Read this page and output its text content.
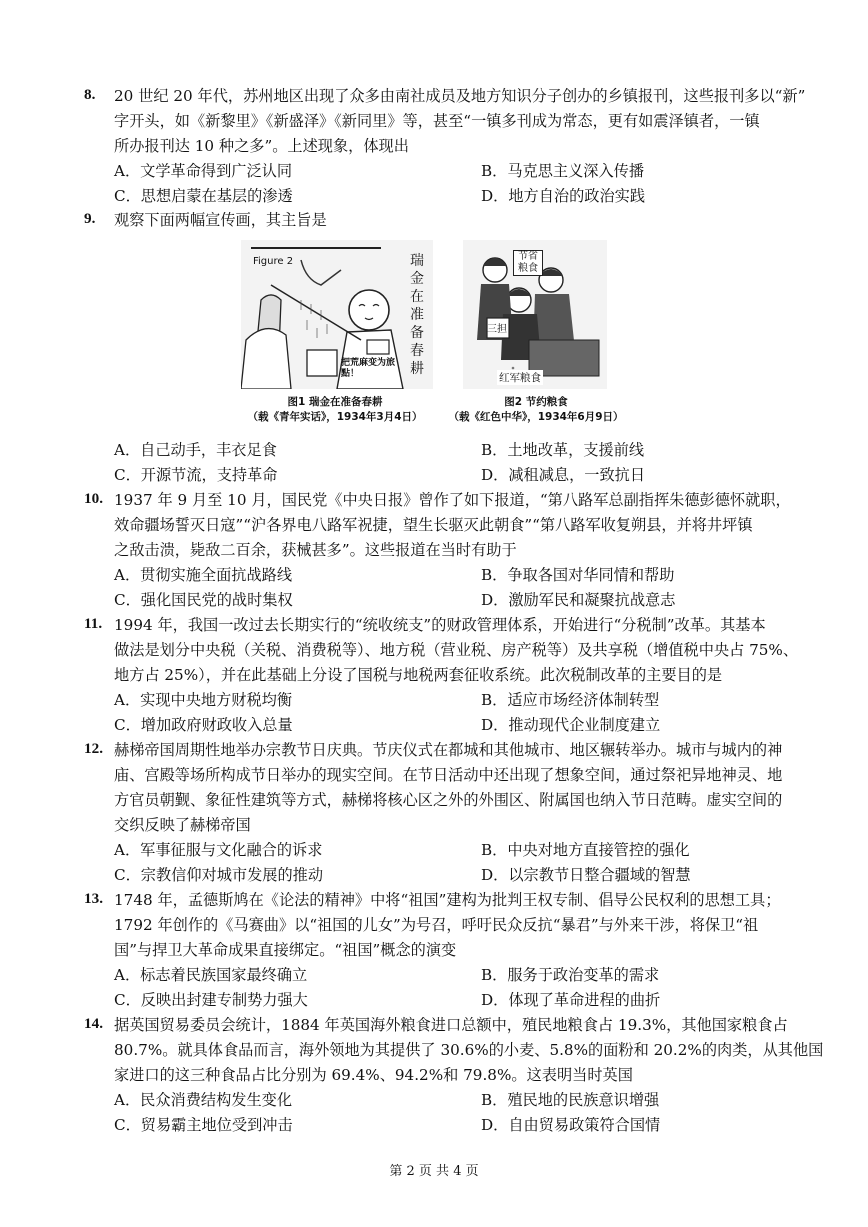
8. 20 世纪 20 年代，苏州地区出现了众多由南社成员及地方知识分子创办的乡镇报刊，这些报刊多以“新”
字开头，如《新黎里》《新盛泽》《新同里》等，甚至“一镇多刊成为常态，更有如震泽镇者，一镇
所办报刊达 10 种之多”。上述现象，体现出
A．文学革命得到广泛认同	B．马克思主义深入传播
C．思想启蒙在基层的渗透	D．地方自治的政治实践
9. 观察下面两幅宣传画，其主旨是
Figure 2	瑞
金
在
准
备
春
耕
把荒麻变为旅點！
图1 瑞金在准备春耕
（载《青年实话》，1934年3月4日）
节省粮食
三担
红军粮食
图2 节约粮食
（载《红色中华》，1934年6月9日）
A．自己动手，丰衣足食	B．土地改革，支援前线
C．开源节流，支持革命	D．减租减息，一致抗日
10. 1937 年 9 月至 10 月，国民党《中央日报》曾作了如下报道，“第八路军总副指挥朱德彭德怀就职，
效命疆场誓灭日寇”“沪各界电八路军祝捷，望生长驱灭此朝食”“第八路军收复朔县，并将井坪镇
之敌击溃，毙敌二百余，获械甚多”。这些报道在当时有助于
A．贯彻实施全面抗战路线	B．争取各国对华同情和帮助
C．强化国民党的战时集权	D．激励军民和凝聚抗战意志
11. 1994 年，我国一改过去长期实行的“统收统支”的财政管理体系，开始进行“分税制”改革。其基本
做法是划分中央税（关税、消费税等）、地方税（营业税、房产税等）及共享税（增值税中央占 75%、
地方占 25%），并在此基础上分设了国税与地税两套征收系统。此次税制改革的主要目的是
A．实现中央地方财税均衡	B．适应市场经济体制转型
C．增加政府财政收入总量	D．推动现代企业制度建立
12. 赫梯帝国周期性地举办宗教节日庆典。节庆仪式在都城和其他城市、地区辗转举办。城市与城内的神
庙、宫殿等场所构成节日举办的现实空间。在节日活动中还出现了想象空间，通过祭祀异地神灵、地
方官员朝觐、象征性建筑等方式，赫梯将核心区之外的外围区、附属国也纳入节日范畴。虚实空间的
交织反映了赫梯帝国
A．军事征服与文化融合的诉求	B．中央对地方直接管控的强化
C．宗教信仰对城市发展的推动	D．以宗教节日整合疆域的智慧
13. 1748 年，孟德斯鸠在《论法的精神》中将“祖国”建构为批判王权专制、倡导公民权利的思想工具；
1792 年创作的《马赛曲》以“祖国的儿女”为号召，呼吁民众反抗“暴君”与外来干涉，将保卫“祖
国”与捍卫大革命成果直接绑定。“祖国”概念的演变
A．标志着民族国家最终确立	B．服务于政治变革的需求
C．反映出封建专制势力强大	D．体现了革命进程的曲折
14. 据英国贸易委员会统计，1884 年英国海外粮食进口总额中，殖民地粮食占 19.3%，其他国家粮食占
80.7%。就具体食品而言，海外领地为其提供了 30.6%的小麦、5.8%的面粉和 20.2%的肉类，从其他国
家进口的这三种食品占比分别为 69.4%、94.2%和 79.8%。这表明当时英国
A．民众消费结构发生变化	B．殖民地的民族意识增强
C．贸易霸主地位受到冲击	D．自由贸易政策符合国情
第 2 页 共 4 页
